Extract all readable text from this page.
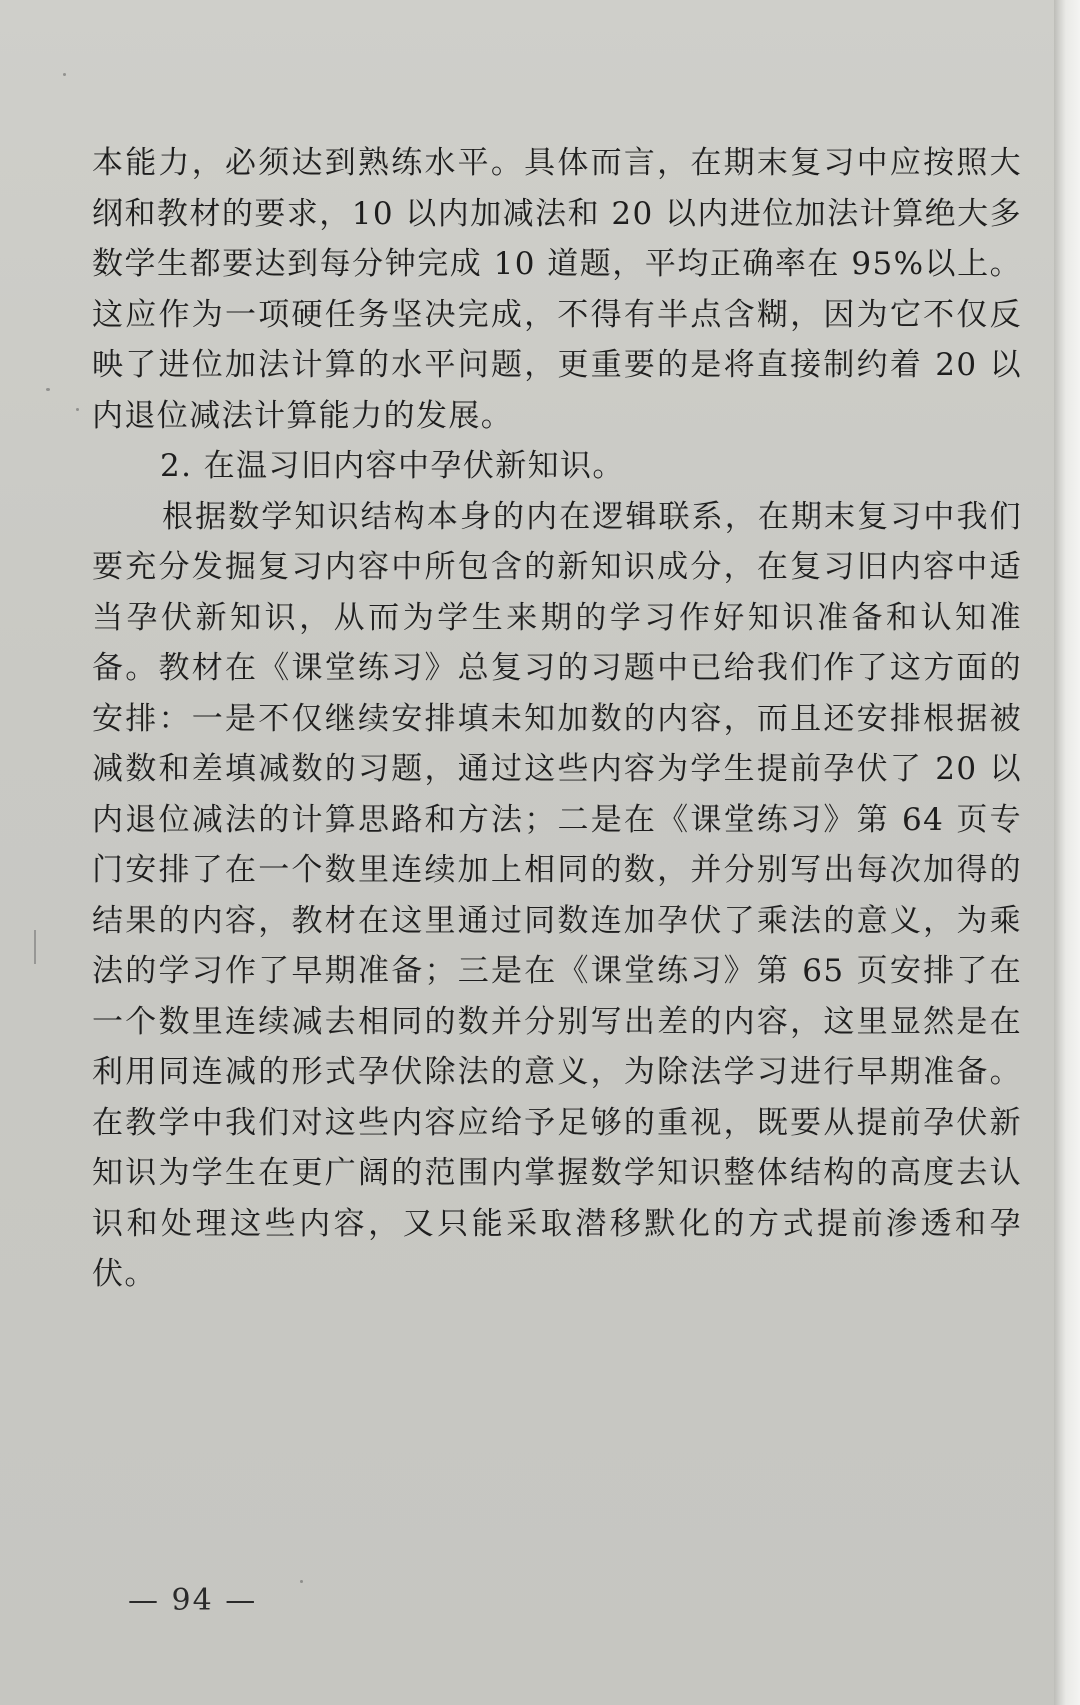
本能力，必须达到熟练水平。具体而言，在期末复习中应按照大纲和教材的要求，10 以内加减法和 20 以内进位加法计算绝大多数学生都要达到每分钟完成 10 道题，平均正确率在 95%以上。这应作为一项硬任务坚决完成，不得有半点含糊，因为它不仅反映了进位加法计算的水平问题，更重要的是将直接制约着 20 以内退位减法计算能力的发展。

2. 在温习旧内容中孕伏新知识。

根据数学知识结构本身的内在逻辑联系，在期末复习中我们要充分发掘复习内容中所包含的新知识成分，在复习旧内容中适当孕伏新知识，从而为学生来期的学习作好知识准备和认知准备。教材在《课堂练习》总复习的习题中已给我们作了这方面的安排：一是不仅继续安排填未知加数的内容，而且还安排根据被减数和差填减数的习题，通过这些内容为学生提前孕伏了 20 以内退位减法的计算思路和方法；二是在《课堂练习》第 64 页专门安排了在一个数里连续加上相同的数，并分别写出每次加得的结果的内容，教材在这里通过同数连加孕伏了乘法的意义，为乘法的学习作了早期准备；三是在《课堂练习》第 65 页安排了在一个数里连续减去相同的数并分别写出差的内容，这里显然是在利用同连减的形式孕伏除法的意义，为除法学习进行早期准备。在教学中我们对这些内容应给予足够的重视，既要从提前孕伏新知识为学生在更广阔的范围内掌握数学知识整体结构的高度去认识和处理这些内容，又只能采取潜移默化的方式提前渗透和孕伏。

— 94 —
